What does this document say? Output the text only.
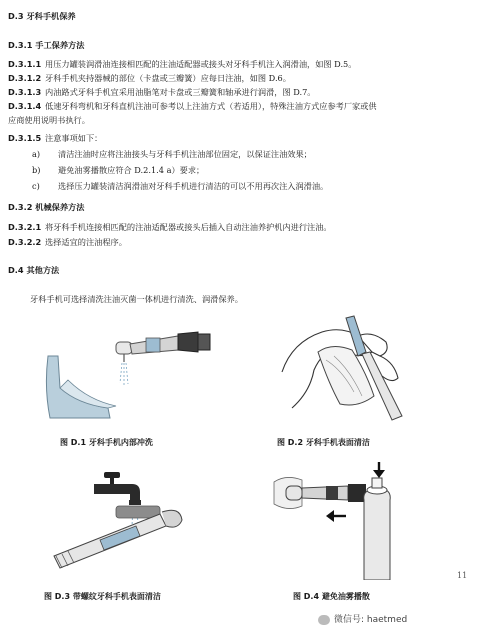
D.3 牙科手机保养
D.3.1 手工保养方法
D.3.1.1 用压力罐装润滑油连接相匹配的注油适配器或接头对牙科手机注入润滑油，如图 D.5。
D.3.1.2 牙科手机夹持器械的部位（卡盘或三瓣簧）应每日注油，如图 D.6。
D.3.1.3 内油路式牙科手机宜采用油脂笔对卡盘或三瓣簧和轴承进行润滑，图 D.7。
D.3.1.4 低速牙科弯机和牙科直机注油可参考以上注油方式（若适用），特殊注油方式应参考厂家或供
应商使用说明书执行。
D.3.1.5 注意事项如下：
a) 清洁注油时应将注油接头与牙科手机注油部位固定，以保证注油效果；
b) 避免油雾播散应符合 D.2.1.4 a）要求；
c) 选择压力罐装清洁润滑油对牙科手机进行清洁的可以不用再次注入润滑油。
D.3.2 机械保养方法
D.3.2.1 将牙科手机连接相匹配的注油适配器或接头后插入自动注油养护机内进行注油。
D.3.2.2 选择适宜的注油程序。
D.4 其他方法
牙科手机可选择清洗注油灭菌一体机进行清洗、润滑保养。
图 D.1 牙科手机内部冲洗	图 D.2 牙科手机表面清洁
图 D.3 带螺纹牙科手机表面清洁	图 D.4 避免油雾播散
11
微信号: haetmed
